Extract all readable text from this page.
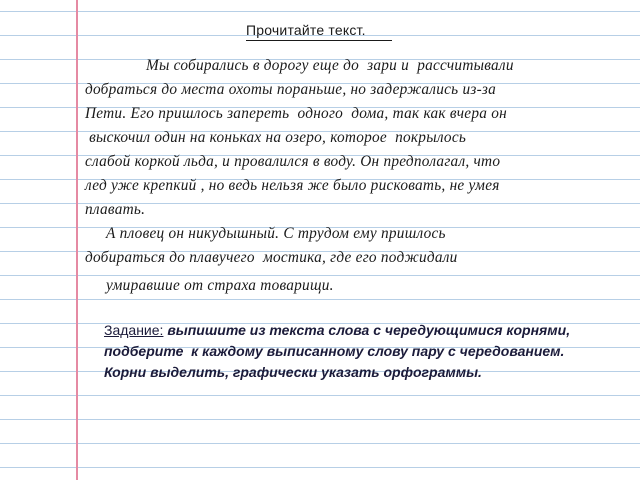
Прочитайте текст.
Мы собирались в дорогу еще до  зари и  рассчитывали
добраться до места охоты пораньше, но задержались из-за
Пети. Его пришлось запереть  одного  дома, так как вчера он
выскочил один на коньках на озеро, которое  покрылось
слабой коркой льда, и провалился в воду. Он предполагал, что
лед уже крепкий , но ведь нельзя же было рисковать, не умея
плавать.
А пловец он никудышный. С трудом ему пришлось
добираться до плавучего  мостика, где его поджидали
умиравшие от страха товарищи.
Задание: выпишите из текста слова с чередующимися корнями,
подберите  к каждому выписанному слову пару с чередованием.
Корни выделить, графически указать орфограммы.
